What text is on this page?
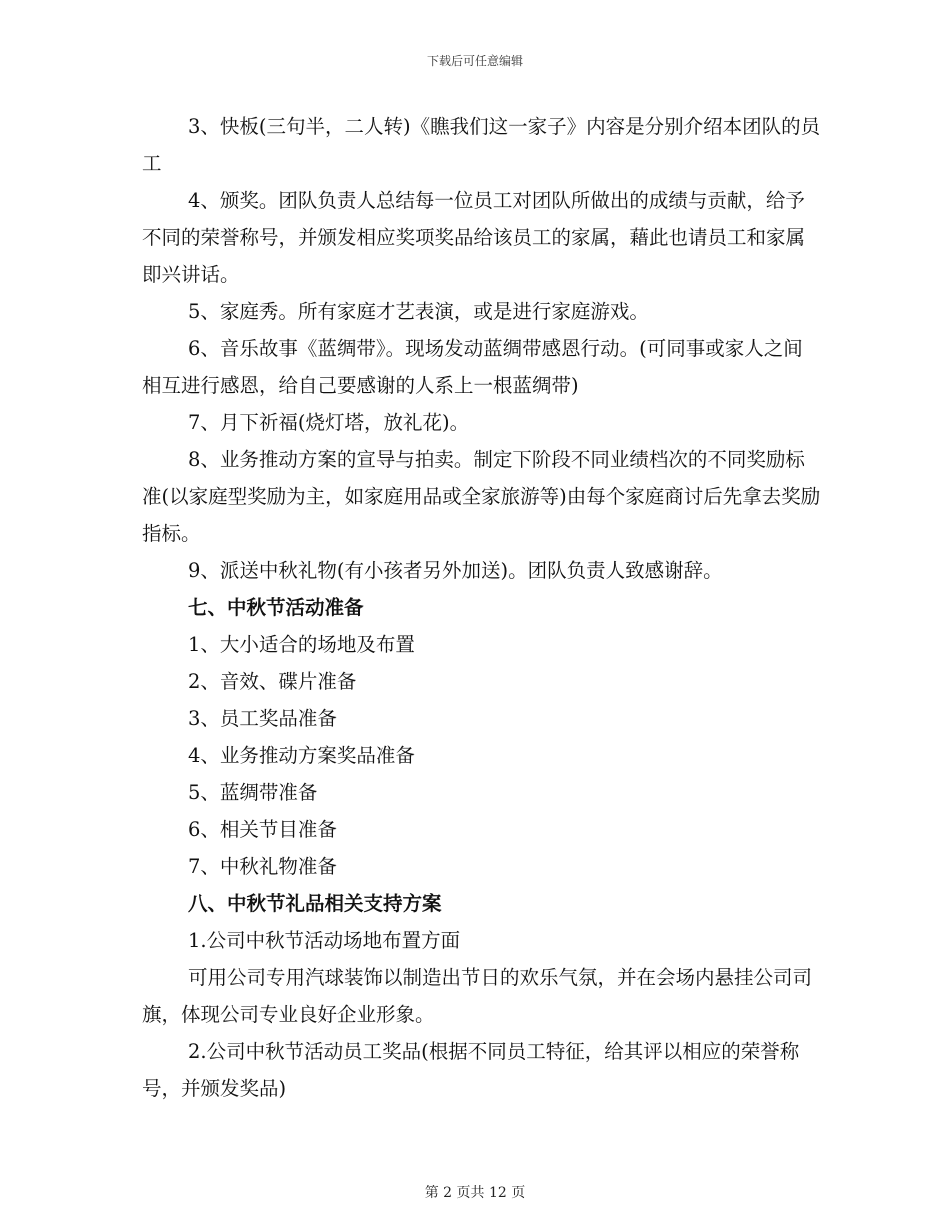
下载后可任意编辑

3、快板(三句半，二人转)《瞧我们这一家子》内容是分别介绍本团队的员工

4、颁奖。团队负责人总结每一位员工对团队所做出的成绩与贡献，给予不同的荣誉称号，并颁发相应奖项奖品给该员工的家属，藉此也请员工和家属即兴讲话。

5、家庭秀。所有家庭才艺表演，或是进行家庭游戏。

6、音乐故事《蓝绸带》。现场发动蓝绸带感恩行动。(可同事或家人之间相互进行感恩，给自己要感谢的人系上一根蓝绸带)

7、月下祈福(烧灯塔，放礼花)。

8、业务推动方案的宣导与拍卖。制定下阶段不同业绩档次的不同奖励标准(以家庭型奖励为主，如家庭用品或全家旅游等)由每个家庭商讨后先拿去奖励指标。

9、派送中秋礼物(有小孩者另外加送)。团队负责人致感谢辞。

七、中秋节活动准备

1、大小适合的场地及布置

2、音效、碟片准备

3、员工奖品准备

4、业务推动方案奖品准备

5、蓝绸带准备

6、相关节目准备

7、中秋礼物准备

八、中秋节礼品相关支持方案

1.公司中秋节活动场地布置方面

可用公司专用汽球装饰以制造出节日的欢乐气氛，并在会场内悬挂公司司旗，体现公司专业良好企业形象。

2.公司中秋节活动员工奖品(根据不同员工特征，给其评以相应的荣誉称号，并颁发奖品)

第 2 页共 12 页
